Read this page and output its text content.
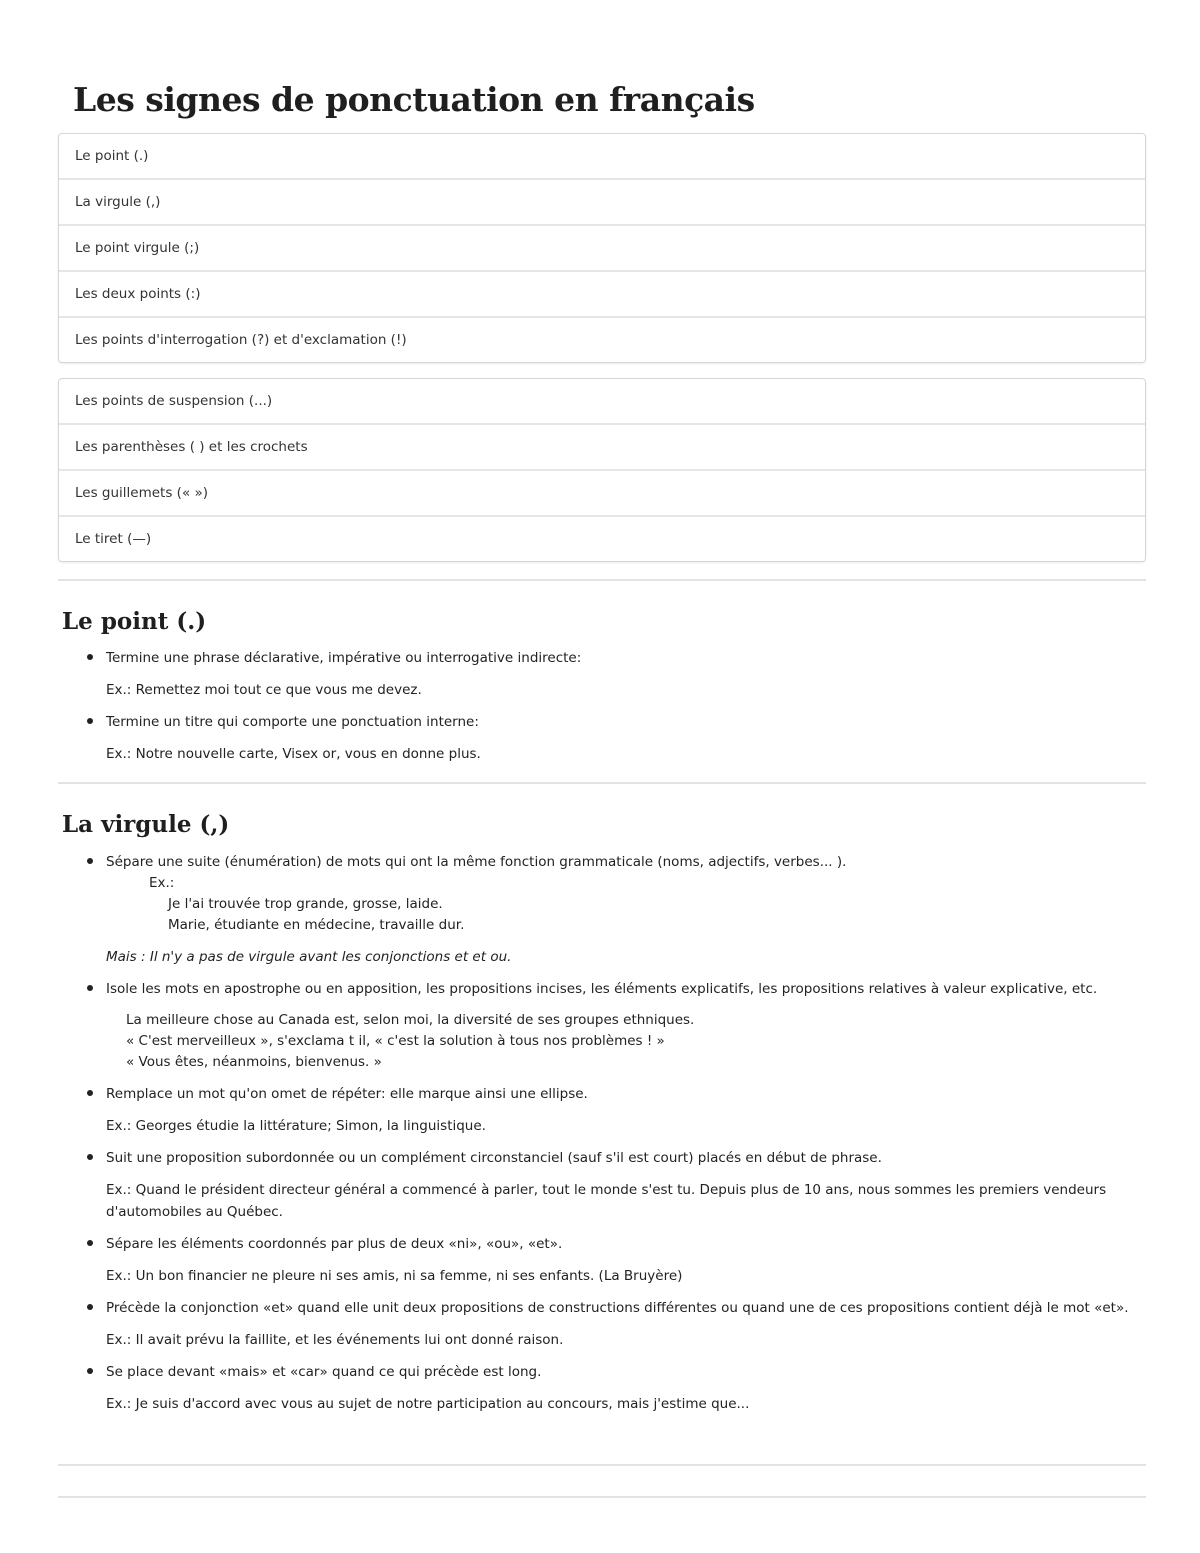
Les signes de ponctuation en français
Le point (.)
La virgule (,)
Le point virgule (;)
Les deux points (:)
Les points d'interrogation (?) et d'exclamation (!)
Les points de suspension (...)
Les parenthèses ( ) et les crochets
Les guillemets (« »)
Le tiret (—)
Le point (.)
Termine une phrase déclarative, impérative ou interrogative indirecte:
Ex.: Remettez moi tout ce que vous me devez.
Termine un titre qui comporte une ponctuation interne:
Ex.: Notre nouvelle carte, Visex or, vous en donne plus.
La virgule (,)
Sépare une suite (énumération) de mots qui ont la même fonction grammaticale (noms, adjectifs, verbes... ).
Ex.:
Je l'ai trouvée trop grande, grosse, laide.
Marie, étudiante en médecine, travaille dur.
Mais : Il n'y a pas de virgule avant les conjonctions et et ou.
Isole les mots en apostrophe ou en apposition, les propositions incises, les éléments explicatifs, les propositions relatives à valeur explicative, etc.
La meilleure chose au Canada est, selon moi, la diversité de ses groupes ethniques.
« C'est merveilleux », s'exclama t il, « c'est la solution à tous nos problèmes ! »
« Vous êtes, néanmoins, bienvenus. »
Remplace un mot qu'on omet de répéter: elle marque ainsi une ellipse.
Ex.: Georges étudie la littérature; Simon, la linguistique.
Suit une proposition subordonnée ou un complément circonstanciel (sauf s'il est court) placés en début de phrase.
Ex.: Quand le président directeur général a commencé à parler, tout le monde s'est tu. Depuis plus de 10 ans, nous sommes les premiers vendeurs d'automobiles au Québec.
Sépare les éléments coordonnés par plus de deux «ni», «ou», «et».
Ex.: Un bon financier ne pleure ni ses amis, ni sa femme, ni ses enfants. (La Bruyère)
Précède la conjonction «et» quand elle unit deux propositions de constructions différentes ou quand une de ces propositions contient déjà le mot «et».
Ex.: Il avait prévu la faillite, et les événements lui ont donné raison.
Se place devant «mais» et «car» quand ce qui précède est long.
Ex.: Je suis d'accord avec vous au sujet de notre participation au concours, mais j'estime que...
